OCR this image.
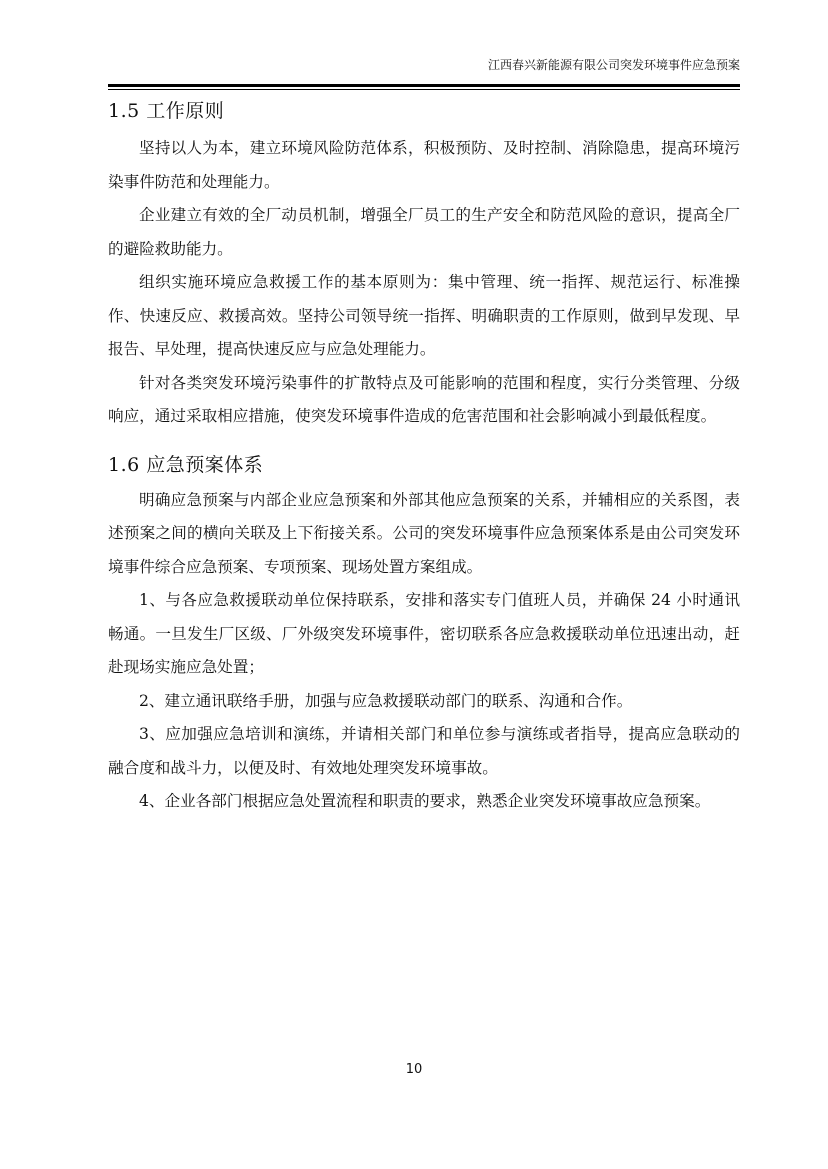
江西春兴新能源有限公司突发环境事件应急预案
1.5 工作原则

坚持以人为本，建立环境风险防范体系，积极预防、及时控制、消除隐患，提高环境污染事件防范和处理能力。

企业建立有效的全厂动员机制，增强全厂员工的生产安全和防范风险的意识，提高全厂的避险救助能力。

组织实施环境应急救援工作的基本原则为：集中管理、统一指挥、规范运行、标准操作、快速反应、救援高效。坚持公司领导统一指挥、明确职责的工作原则，做到早发现、早报告、早处理，提高快速反应与应急处理能力。

针对各类突发环境污染事件的扩散特点及可能影响的范围和程度，实行分类管理、分级响应，通过采取相应措施，使突发环境事件造成的危害范围和社会影响减小到最低程度。

1.6 应急预案体系

明确应急预案与内部企业应急预案和外部其他应急预案的关系，并辅相应的关系图，表述预案之间的横向关联及上下衔接关系。公司的突发环境事件应急预案体系是由公司突发环境事件综合应急预案、专项预案、现场处置方案组成。

1、与各应急救援联动单位保持联系，安排和落实专门值班人员，并确保 24 小时通讯畅通。一旦发生厂区级、厂外级突发环境事件，密切联系各应急救援联动单位迅速出动，赶赴现场实施应急处置；

2、建立通讯联络手册，加强与应急救援联动部门的联系、沟通和合作。

3、应加强应急培训和演练，并请相关部门和单位参与演练或者指导，提高应急联动的融合度和战斗力，以便及时、有效地处理突发环境事故。

4、企业各部门根据应急处置流程和职责的要求，熟悉企业突发环境事故应急预案。

10
